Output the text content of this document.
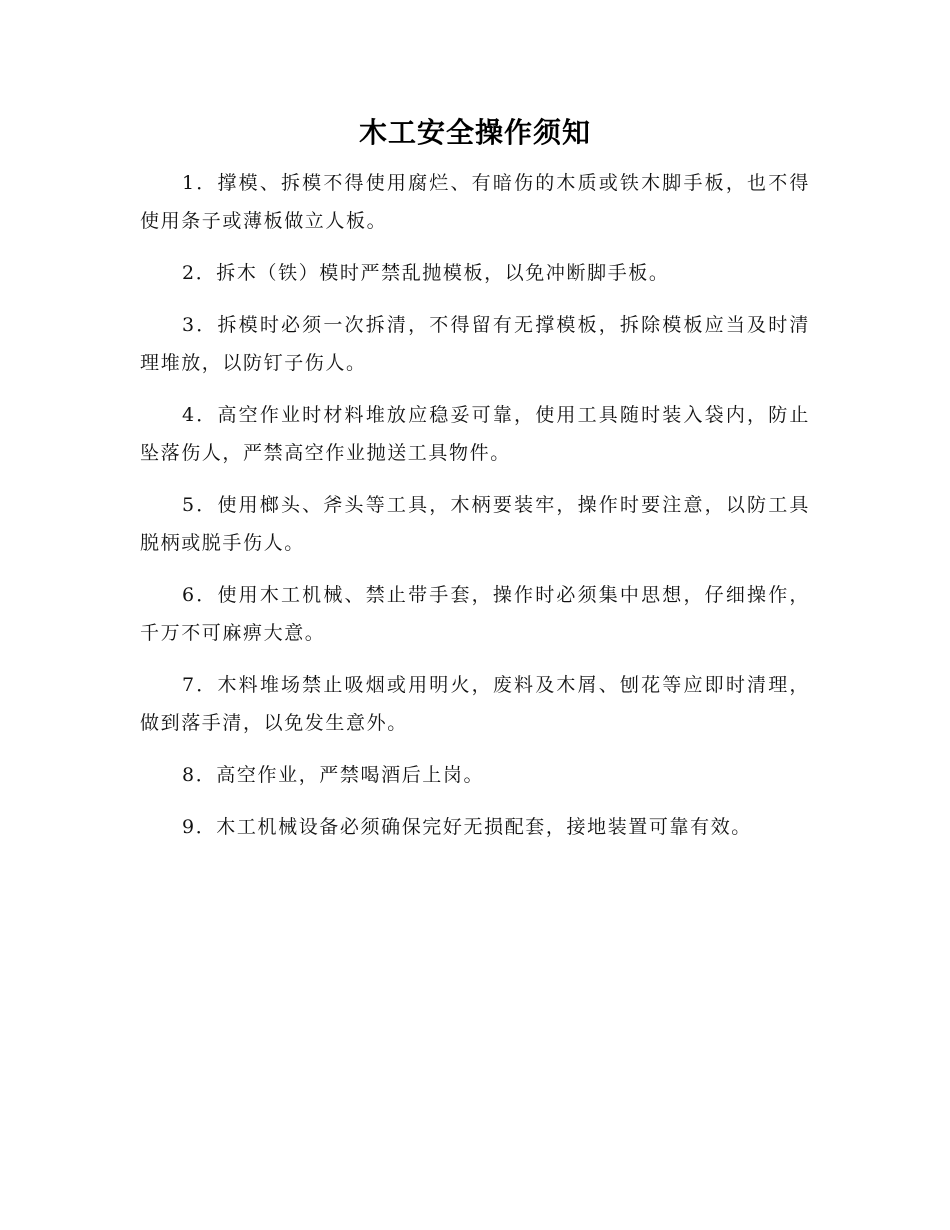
木工安全操作须知

1．撑模、拆模不得使用腐烂、有暗伤的木质或铁木脚手板，也不得使用条子或薄板做立人板。

2．拆木（铁）模时严禁乱抛模板，以免冲断脚手板。

3．拆模时必须一次拆清，不得留有无撑模板，拆除模板应当及时清理堆放，以防钉子伤人。

4．高空作业时材料堆放应稳妥可靠，使用工具随时装入袋内，防止坠落伤人，严禁高空作业抛送工具物件。

5．使用榔头、斧头等工具，木柄要装牢，操作时要注意，以防工具脱柄或脱手伤人。

6．使用木工机械、禁止带手套，操作时必须集中思想，仔细操作，千万不可麻痹大意。

7．木料堆场禁止吸烟或用明火，废料及木屑、刨花等应即时清理，做到落手清，以免发生意外。

8．高空作业，严禁喝酒后上岗。

9．木工机械设备必须确保完好无损配套，接地装置可靠有效。
